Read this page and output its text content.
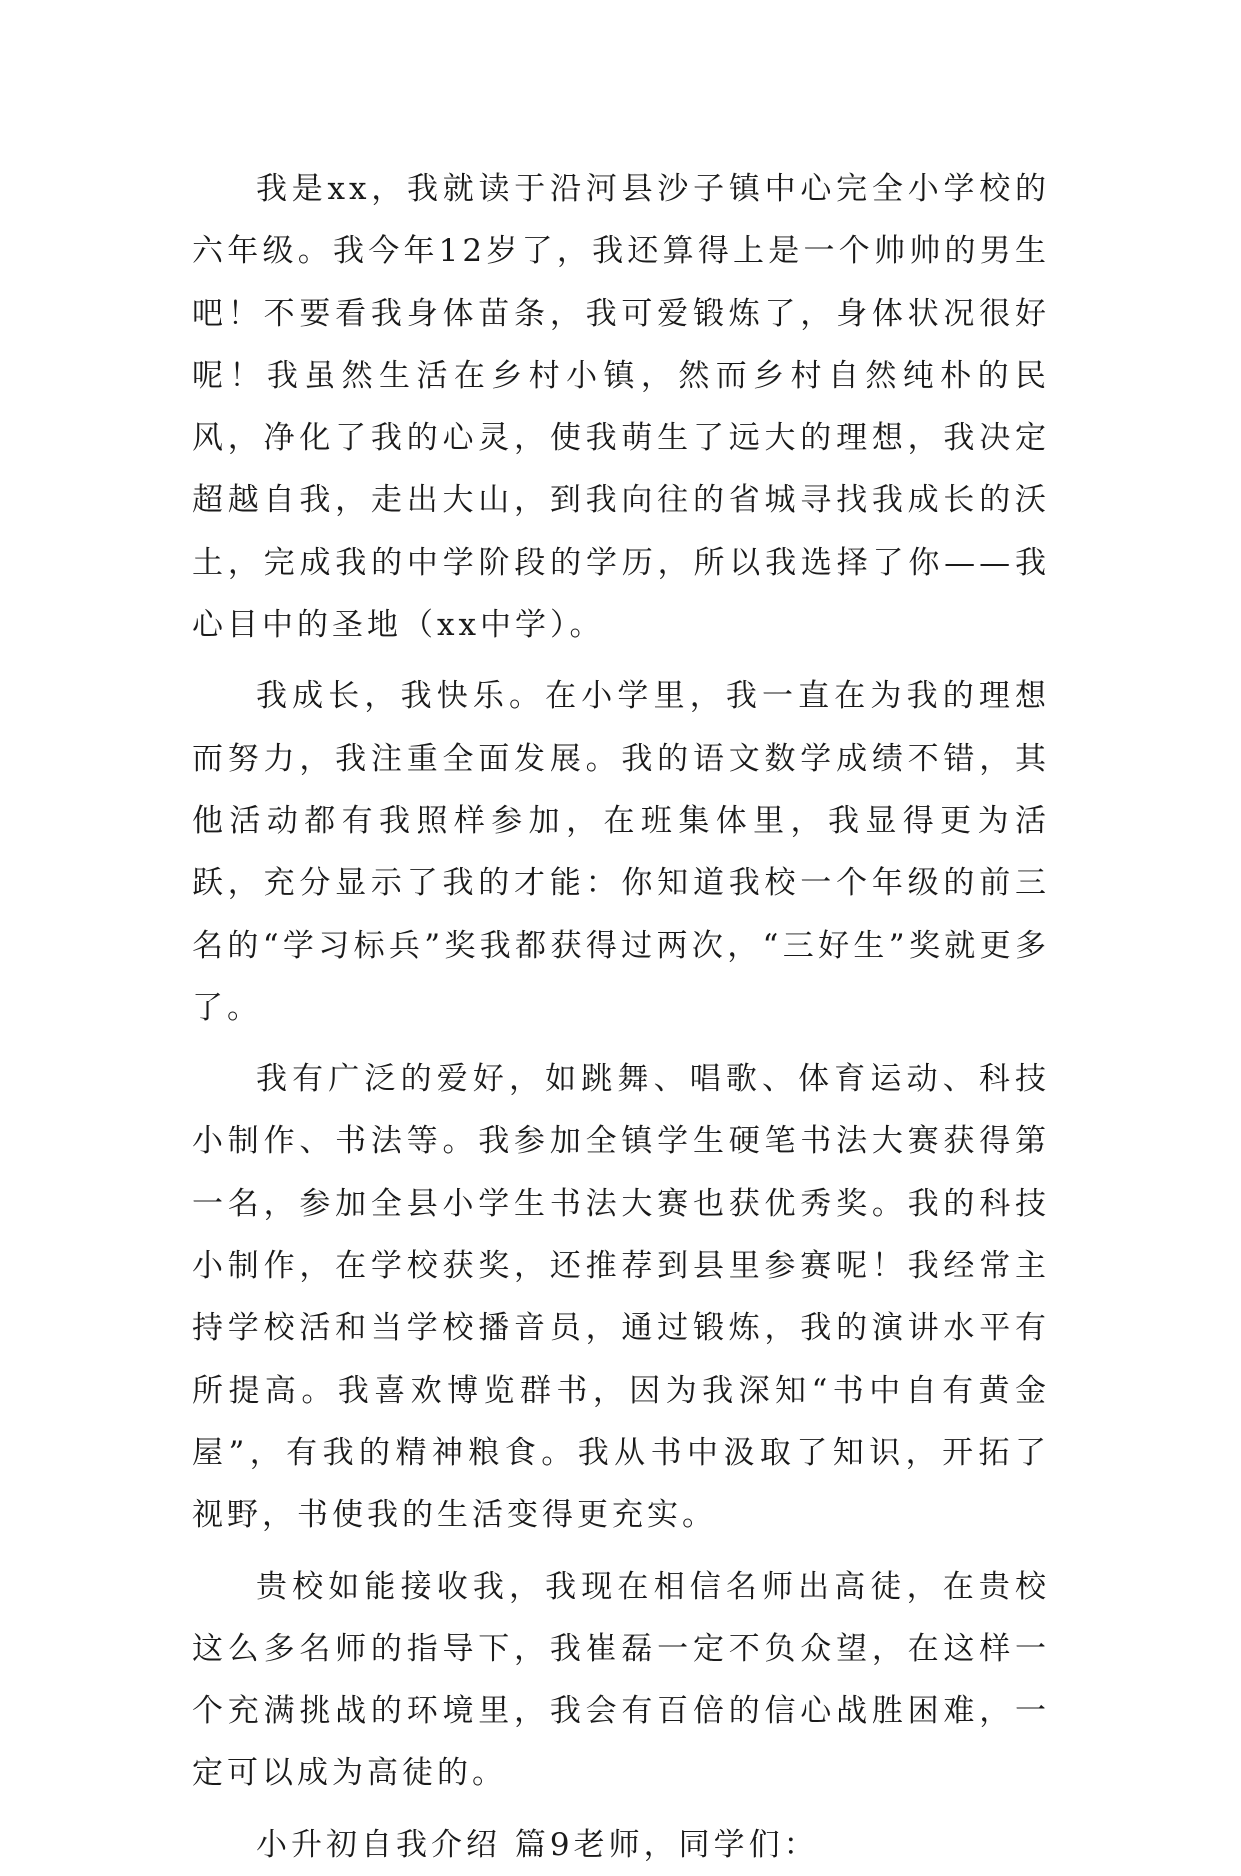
我是xx，我就读于沿河县沙子镇中心完全小学校的六年级。我今年12岁了，我还算得上是一个帅帅的男生吧！不要看我身体苗条，我可爱锻炼了，身体状况很好呢！我虽然生活在乡村小镇，然而乡村自然纯朴的民风，净化了我的心灵，使我萌生了远大的理想，我决定超越自我，走出大山，到我向往的省城寻找我成长的沃土，完成我的中学阶段的学历，所以我选择了你——我心目中的圣地（xx中学）。

我成长，我快乐。在小学里，我一直在为我的理想而努力，我注重全面发展。我的语文数学成绩不错，其他活动都有我照样参加，在班集体里，我显得更为活跃，充分显示了我的才能：你知道我校一个年级的前三名的“学习标兵”奖我都获得过两次，“三好生”奖就更多了。

我有广泛的爱好，如跳舞、唱歌、体育运动、科技小制作、书法等。我参加全镇学生硬笔书法大赛获得第一名，参加全县小学生书法大赛也获优秀奖。我的科技小制作，在学校获奖，还推荐到县里参赛呢！我经常主持学校活和当学校播音员，通过锻炼，我的演讲水平有所提高。我喜欢博览群书，因为我深知“书中自有黄金屋”，有我的精神粮食。我从书中汲取了知识，开拓了视野，书使我的生活变得更充实。

贵校如能接收我，我现在相信名师出高徒，在贵校这么多名师的指导下，我崔磊一定不负众望，在这样一个充满挑战的环境里，我会有百倍的信心战胜困难，一定可以成为高徒的。

小升初自我介绍 篇9老师，同学们：
